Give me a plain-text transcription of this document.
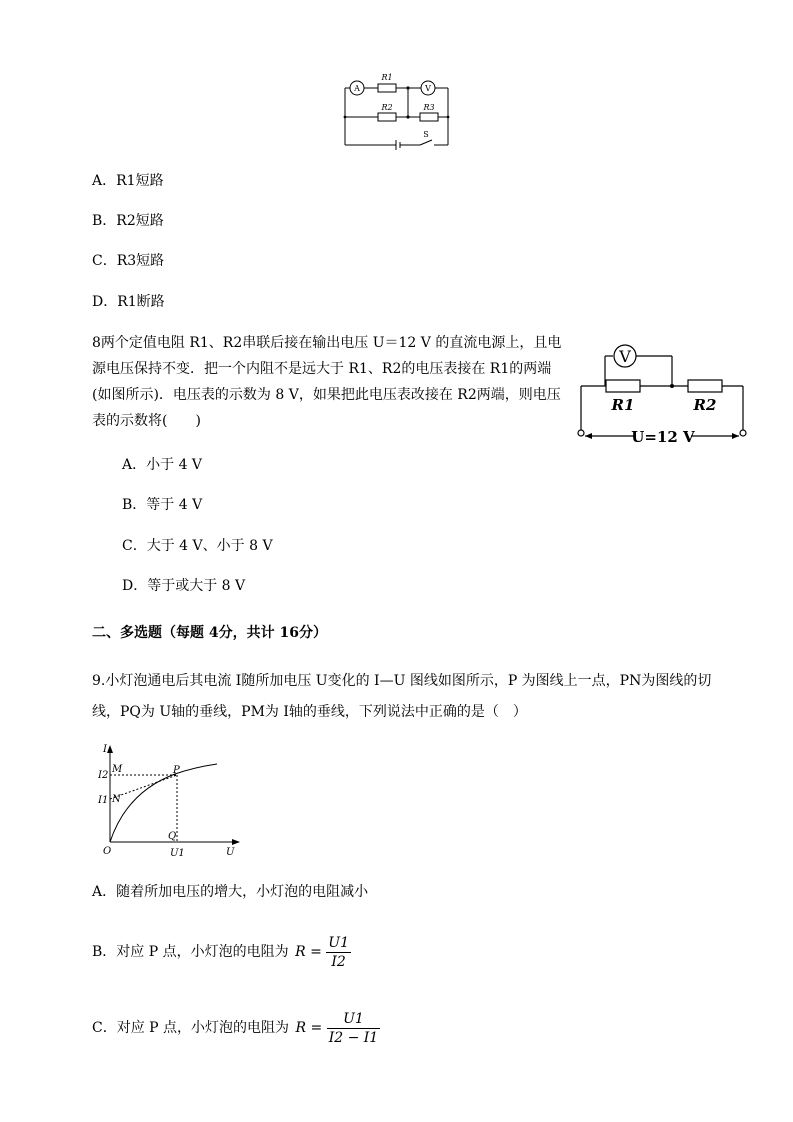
A	V
R1
R2	R3
S
A．R1短路
B．R2短路
C．R3短路
D．R1断路
8两个定值电阻 R1、R2串联后接在输出电压 U＝12 V 的直流电源上，且电源电压保持不变．把一个内阻不是远大于 R1、R2的电压表接在 R1的两端(如图所示)．电压表的示数为 8 V，如果把此电压表改接在 R2两端，则电压表的示数将(　　)
V
R1	R2
U=12 V
A．小于 4 V
B．等于 4 V
C．大于 4 V、小于 8 V
D．等于或大于 8 V
二、多选题（每题 4分，共计 16分）
9.小灯泡通电后其电流 I随所加电压 U变化的 I—U 图线如图所示，P 为图线上一点，PN为图线的切线，PQ为 U轴的垂线，PM为 I轴的垂线，下列说法中正确的是（　）
I
U
O
I2
I1
M
N
P
Q
U1
A．随着所加电压的增大，小灯泡的电阻减小
B．对应 P 点，小灯泡的电阻为 $R = \frac{U1}{I2}$
C．对应 P 点，小灯泡的电阻为 $R = \frac{U1}{I2 - I1}$
